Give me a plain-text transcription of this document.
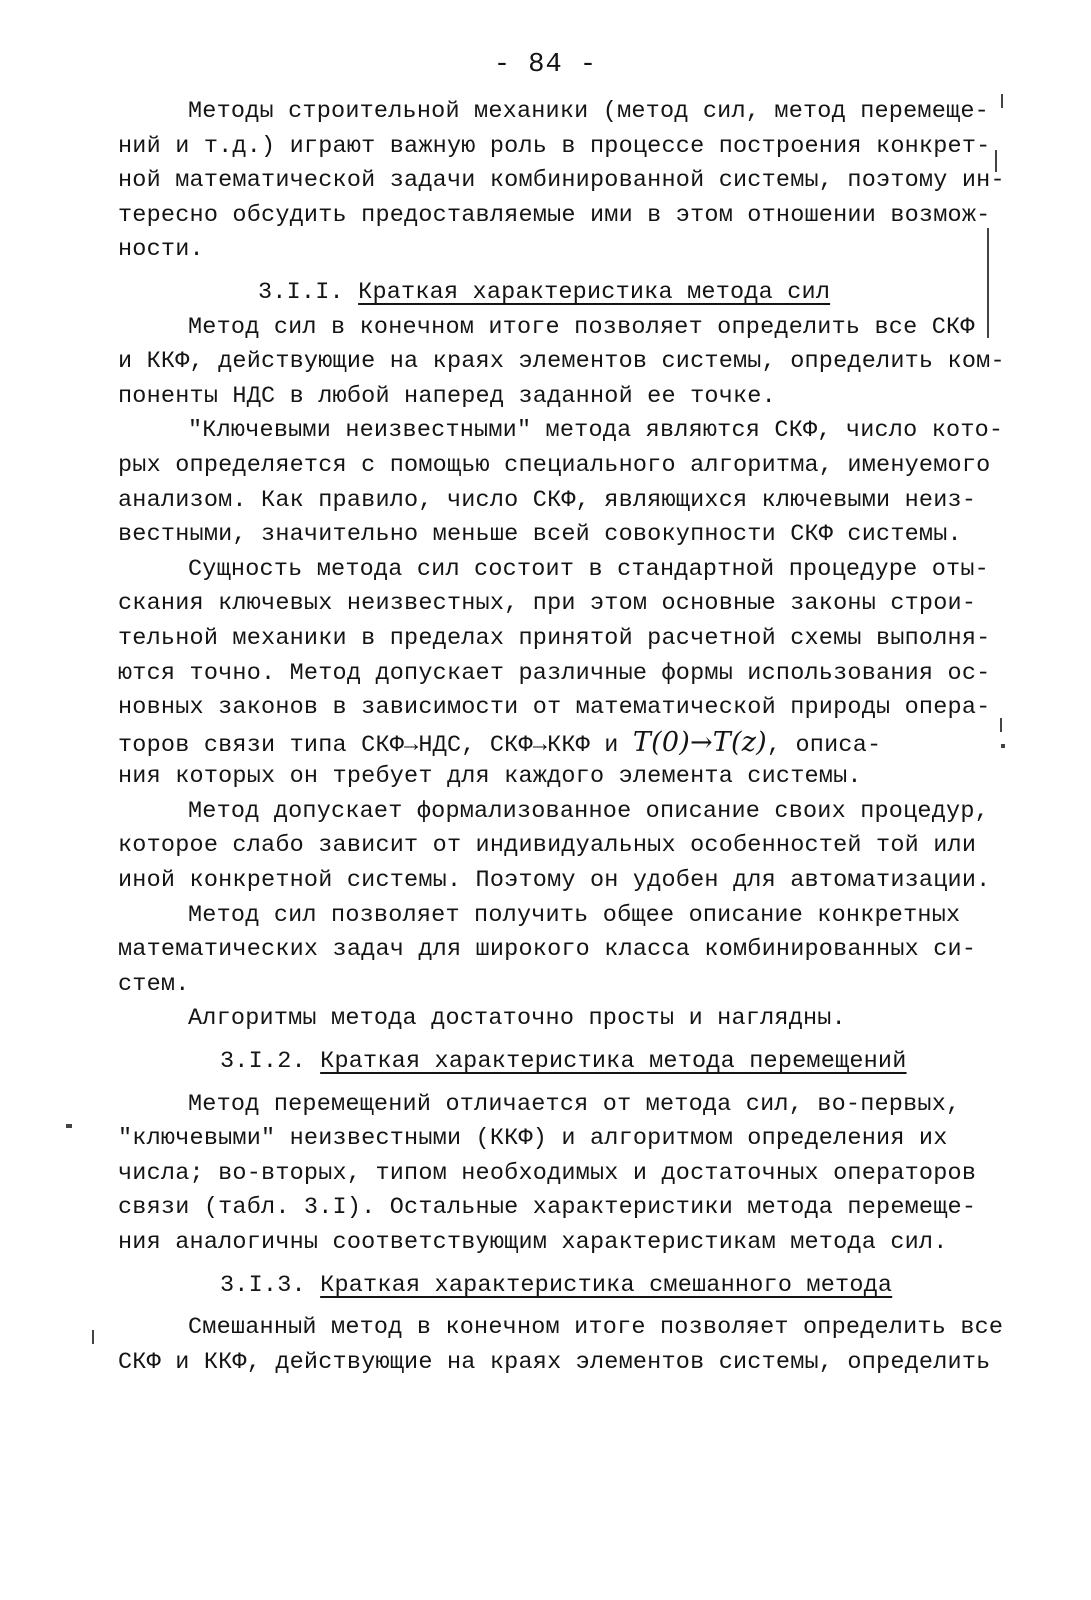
- 84 -
Методы строительной механики (метод сил, метод перемеще-
ний и т.д.) играют важную роль в процессе построения конкрет-
ной математической задачи комбинированной системы, поэтому ин-
тересно обсудить предоставляемые ими в этом отношении возмож-
ности.
3.I.I. Краткая характеристика метода сил
Метод сил в конечном итоге позволяет определить все СКФ
и ККФ, действующие на краях элементов системы, определить ком-
поненты НДС в любой наперед заданной ее точке.
"Ключевыми неизвестными" метода являются СКФ, число кото-
рых определяется с помощью специального алгоритма, именуемого
анализом. Как правило, число СКФ, являющихся ключевыми неиз-
вестными, значительно меньше всей совокупности СКФ системы.
Сущность метода сил состоит в стандартной процедуре оты-
скания ключевых неизвестных, при этом основные законы строи-
тельной механики в пределах принятой расчетной схемы выполня-
ются точно. Метод допускает различные формы использования ос-
новных законов в зависимости от математической природы опера-
торов связи типа СКФ→НДС, СКФ→ККФ и T(0)→T(z), описа-
ния которых он требует для каждого элемента системы.
Метод допускает формализованное описание своих процедур,
которое слабо зависит от индивидуальных особенностей той или
иной конкретной системы. Поэтому он удобен для автоматизации.
Метод сил позволяет получить общее описание конкретных
математических задач для широкого класса комбинированных си-
стем.
Алгоритмы метода достаточно просты и наглядны.
3.I.2. Краткая характеристика метода перемещений
Метод перемещений отличается от метода сил, во-первых,
"ключевыми" неизвестными (ККФ) и алгоритмом определения их
числа; во-вторых, типом необходимых и достаточных операторов
связи (табл. 3.I). Остальные характеристики метода перемеще-
ния аналогичны соответствующим характеристикам метода сил.
3.I.3. Краткая характеристика смешанного метода
Смешанный метод в конечном итоге позволяет определить все
СКФ и ККФ, действующие на краях элементов системы, определить
